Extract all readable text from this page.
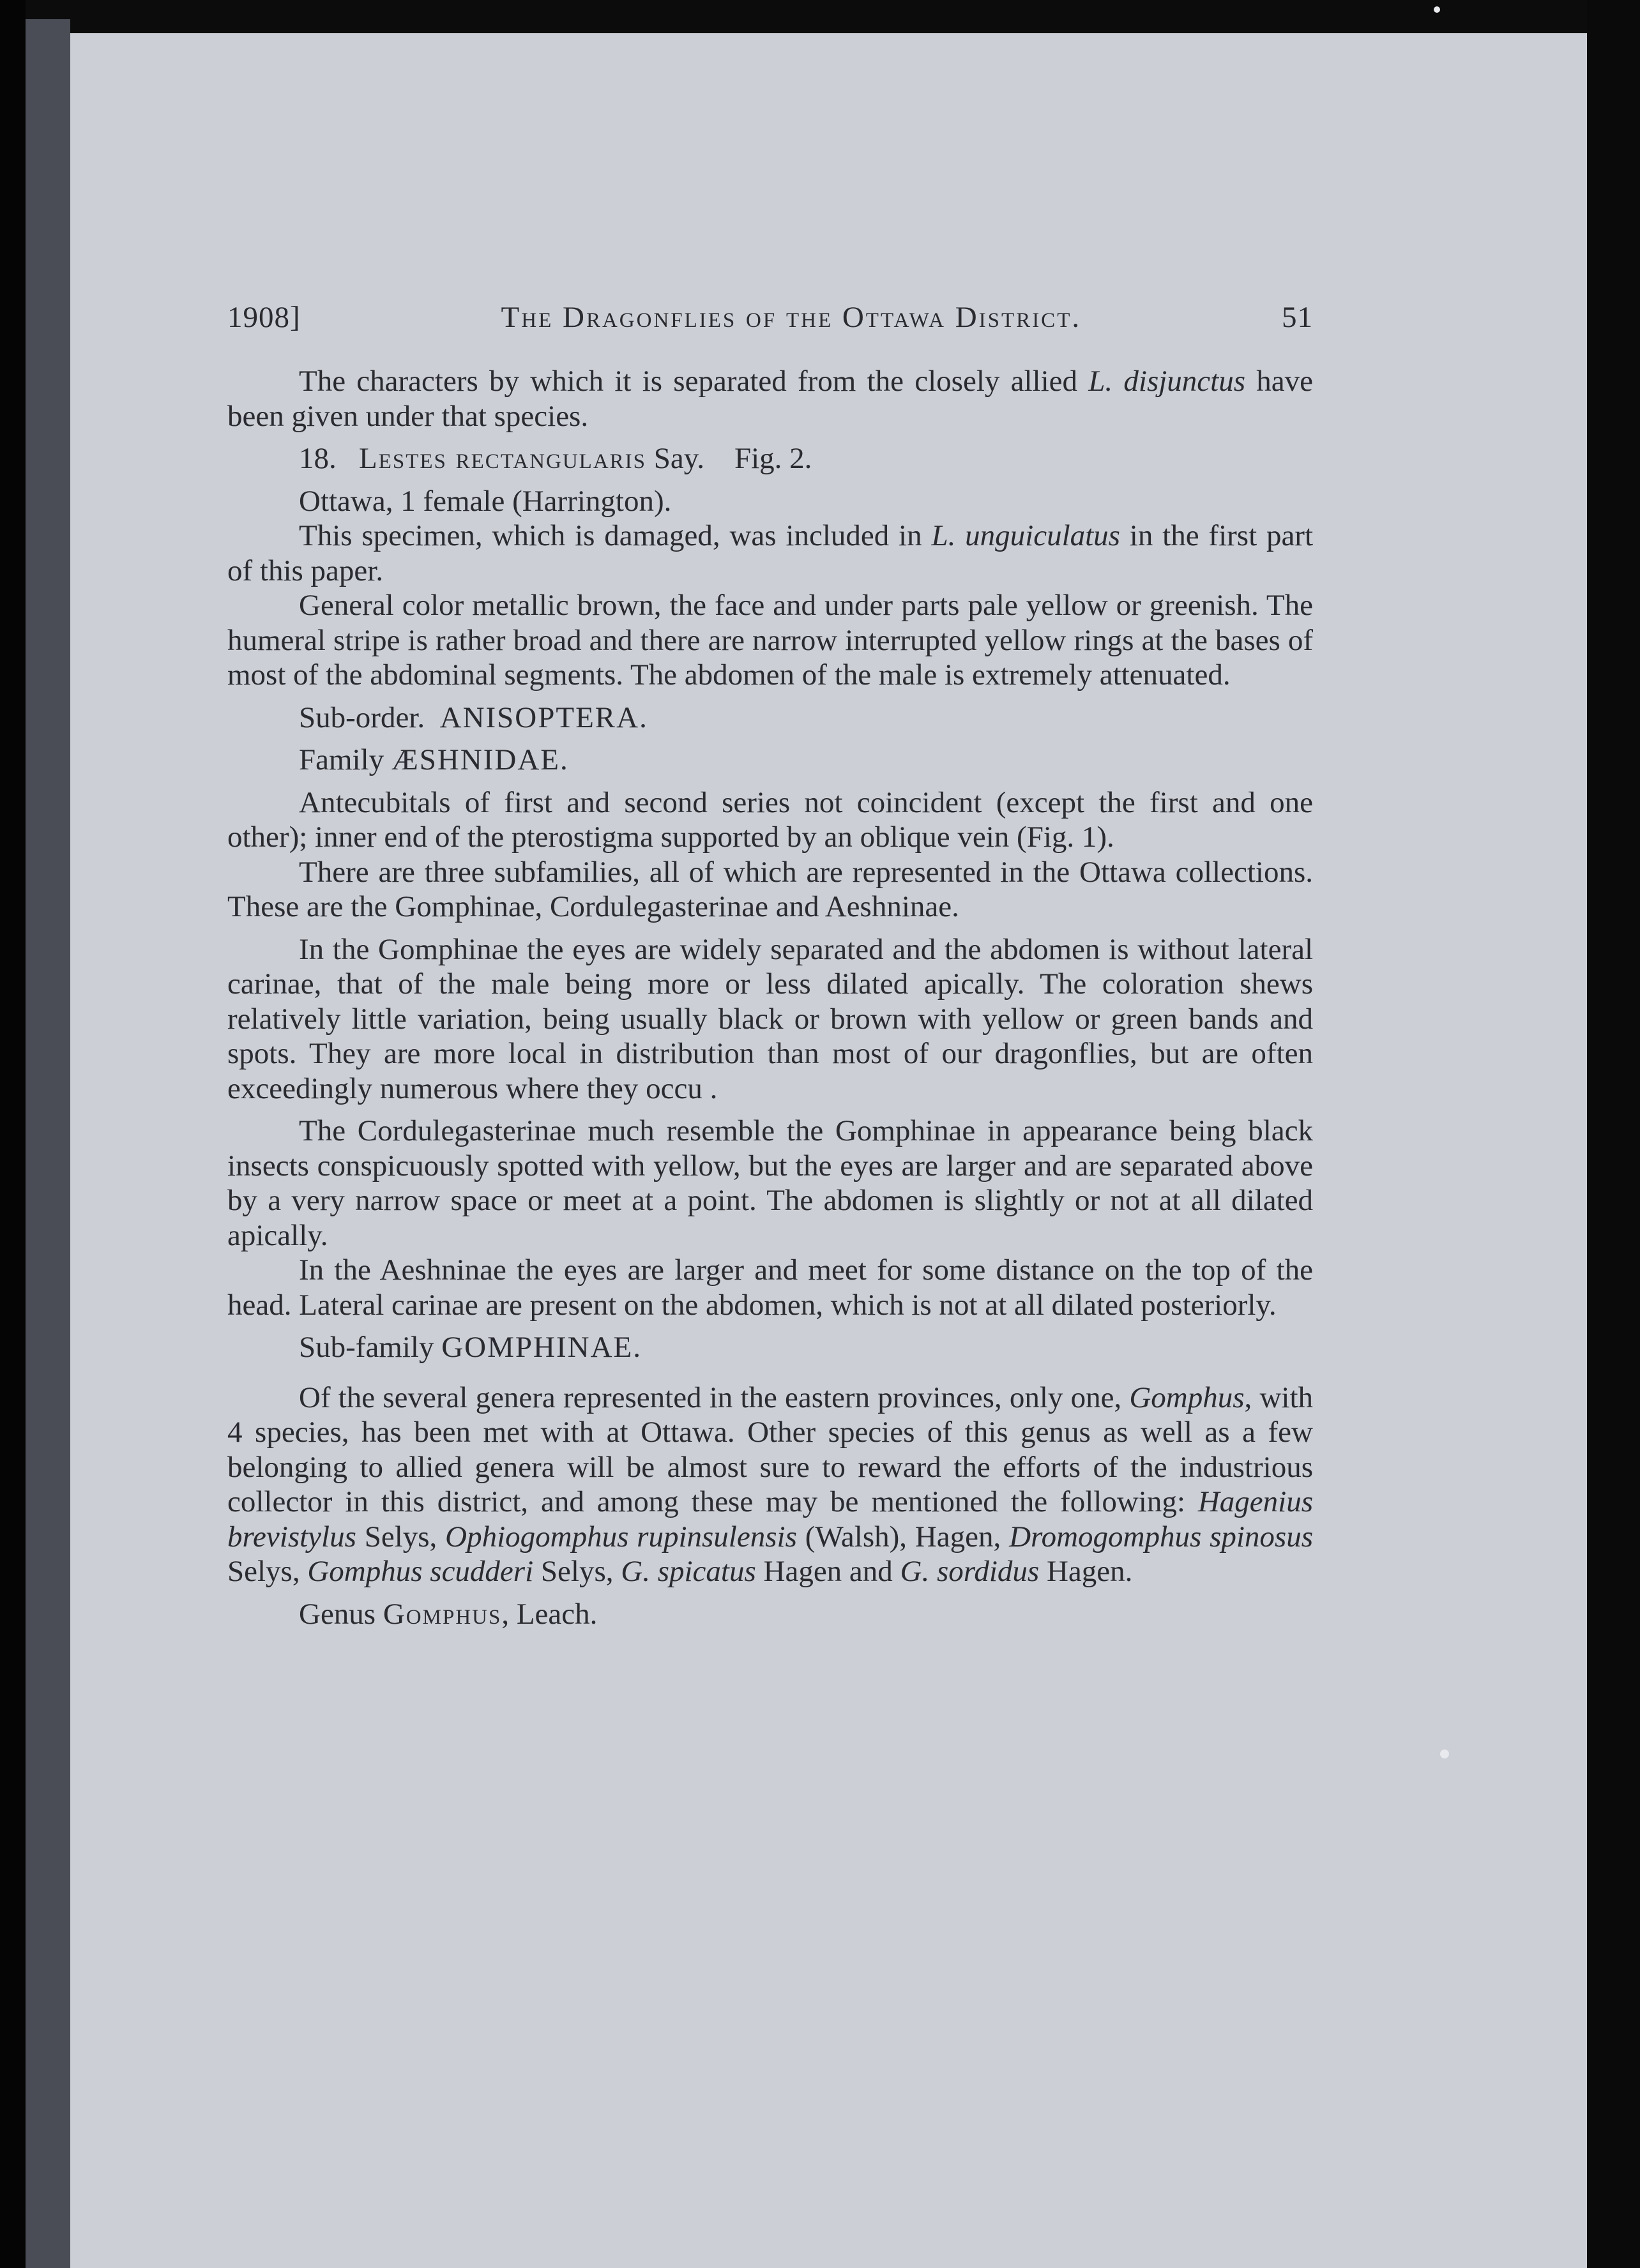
1908]	The Dragonflies of the Ottawa District.	51

The characters by which it is separated from the closely allied L. disjunctus have been given under that species.

18. Lestes rectangularis Say. Fig. 2.

Ottawa, 1 female (Harrington).

This specimen, which is damaged, was included in L. unguiculatus in the first part of this paper.

General color metallic brown, the face and under parts pale yellow or greenish. The humeral stripe is rather broad and there are narrow interrupted yellow rings at the bases of most of the abdominal segments. The abdomen of the male is extremely attenuated.

Sub-order. ANISOPTERA.

Family ÆSHNIDAE.

Antecubitals of first and second series not coincident (except the first and one other); inner end of the pterostigma supported by an oblique vein (Fig. 1).

There are three subfamilies, all of which are represented in the Ottawa collections. These are the Gomphinae, Cordulegasterinae and Aeshninae.

In the Gomphinae the eyes are widely separated and the abdomen is without lateral carinae, that of the male being more or less dilated apically. The coloration shews relatively little variation, being usually black or brown with yellow or green bands and spots. They are more local in distribution than most of our dragonflies, but are often exceedingly numerous where they occu .

The Cordulegasterinae much resemble the Gomphinae in appearance being black insects conspicuously spotted with yellow, but the eyes are larger and are separated above by a very narrow space or meet at a point. The abdomen is slightly or not at all dilated apically.

In the Aeshninae the eyes are larger and meet for some distance on the top of the head. Lateral carinae are present on the abdomen, which is not at all dilated posteriorly.

Sub-family GOMPHINAE.

Of the several genera represented in the eastern provinces, only one, Gomphus, with 4 species, has been met with at Ottawa. Other species of this genus as well as a few belonging to allied genera will be almost sure to reward the efforts of the industrious collector in this district, and among these may be mentioned the following: Hagenius brevistylus Selys, Ophiogomphus rupinsulensis (Walsh), Hagen, Dromogomphus spinosus Selys, Gomphus scudderi Selys, G. spicatus Hagen and G. sordidus Hagen.

Genus Gomphus, Leach.
